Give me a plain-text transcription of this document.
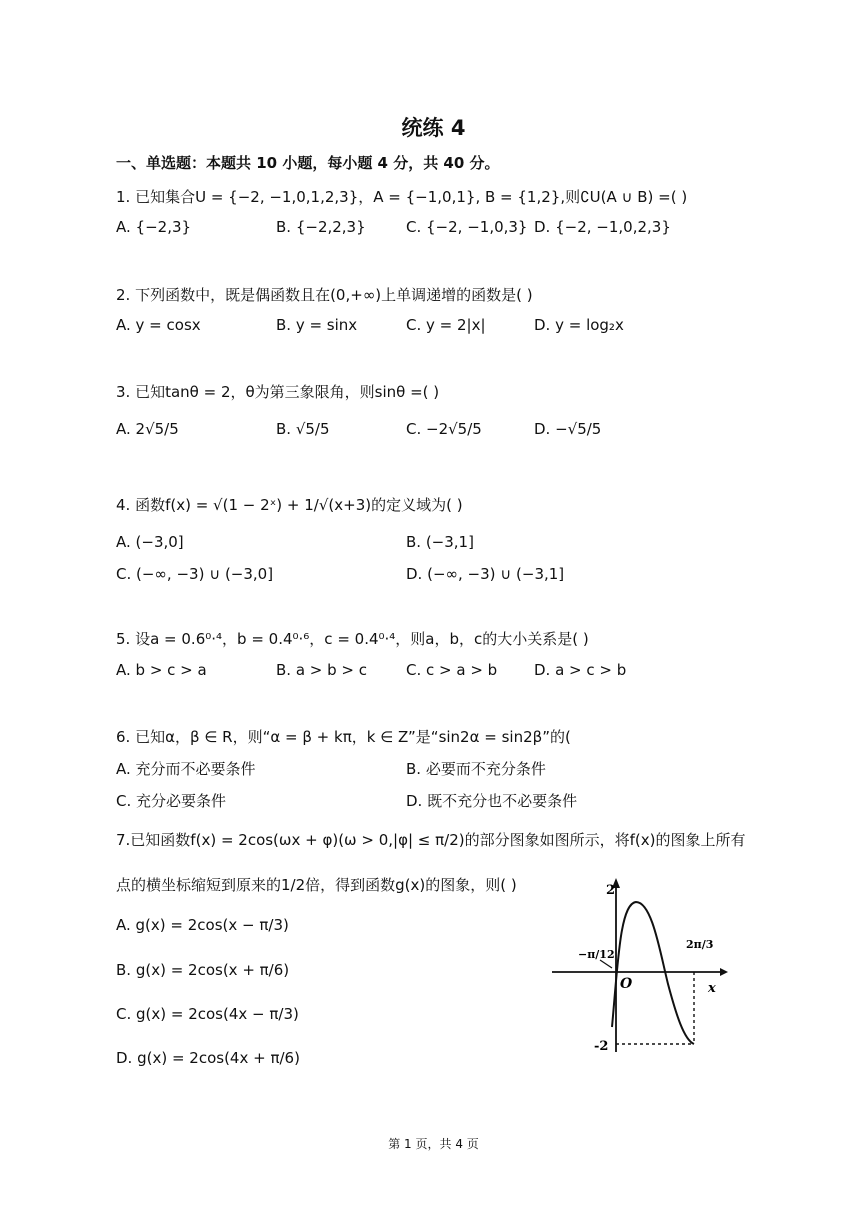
统练 4
一、单选题：本题共 10 小题，每小题 4 分，共 40 分。
1. 已知集合U = {−2, −1,0,1,2,3}，A = {−1,0,1}, B = {1,2},则∁U(A ∪ B) =( )
A. {−2,3}	B. {−2,2,3}	C. {−2, −1,0,3} D. {−2, −1,0,2,3}
2. 下列函数中，既是偶函数且在(0,+∞)上单调递增的函数是( )
A. y = cosx	B. y = sinx	C. y = 2|x|	D. y = log₂x
3. 已知tanθ = 2，θ为第三象限角，则sinθ =( )
A. 2√5/5	B. √5/5	C. −2√5/5	D. −√5/5
4. 函数f(x) = √(1 − 2ˣ) + 1/√(x+3)的定义域为( )
A. (−3,0]	B. (−3,1]
C. (−∞, −3) ∪ (−3,0]	D. (−∞, −3) ∪ (−3,1]
5. 设a = 0.6⁰·⁴，b = 0.4⁰·⁶，c = 0.4⁰·⁴，则a，b，c的大小关系是( )
A. b > c > a	B. a > b > c	C. c > a > b D. a > c > b
6. 已知α，β ∈ R，则“α = β + kπ，k ∈ Z”是“sin2α = sin2β”的(
A. 充分而不必要条件	B. 必要而不充分条件
C. 充分必要条件	D. 既不充分也不必要条件
7.已知函数f(x) = 2cos(ωx + φ)(ω > 0,|φ| ≤ π/2)的部分图象如图所示，将f(x)的图象上所有
点的横坐标缩短到原来的1/2倍，得到函数g(x)的图象，则( )
A. g(x) = 2cos(x − π/3)
B. g(x) = 2cos(x + π/6)
C. g(x) = 2cos(4x − π/3)
D. g(x) = 2cos(4x + π/6)
2
-2
O	x
−π/12
2π/3
第 1 页，共 4 页
